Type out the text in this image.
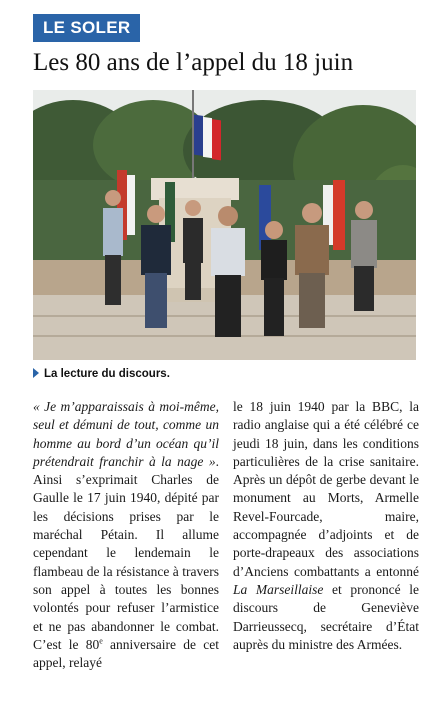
LE SOLER
Les 80 ans de l’appel du 18 juin
La lecture du discours.

« Je m’apparaissais à moi-même, seul et démuni de tout, comme un homme au bord d’un océan qu’il prétendrait franchir à la nage ». Ainsi s’exprimait Charles de Gaulle le 17 juin 1940, dépité par les décisions prises par le maréchal Pétain. Il allume cependant le lendemain le flambeau de la résistance à travers son appel à toutes les bonnes volontés pour refuser l’armistice et ne pas abandonner le combat. C’est le 80e anniversaire de cet appel, relayé

le 18 juin 1940 par la BBC, la radio anglaise qui a été célébré ce jeudi 18 juin, dans les conditions particulières de la crise sanitaire. Après un dépôt de gerbe devant le monument au Morts, Armelle Revel-Fourcade, maire, accompagnée d’adjoints et de porte-drapeaux des associations d’Anciens combattants a entonné La Marseillaise et prononcé le discours de Geneviève Darrieussecq, secrétaire d’État auprès du ministre des Armées.
